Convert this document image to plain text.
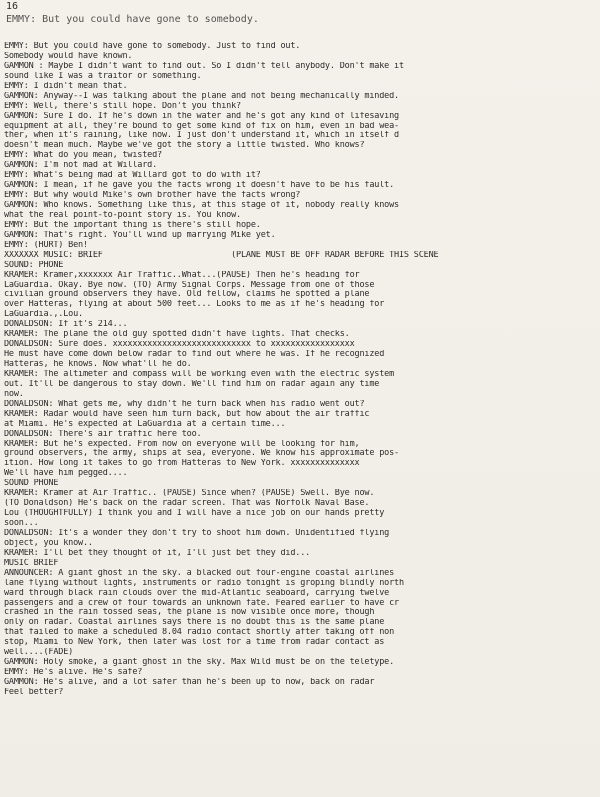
16
EMMY: But you could have gone to somebody.
EMMY: But you could have gone to somebody. Just to find out.
Somebody would have known.
GAMMON : Maybe I didn't want to find out. So I didn't tell anybody. Don't make it
sound like I was a traitor or something.
EMMY: I didn't mean that.
GAMMON: Anyway--I was talking about the plane and not being mechanically minded.
EMMY: Well, there's still hope. Don't you think?
GAMMON: Sure I do. If he's down in the water and he's got any kind of lifesaving
equipment at all, they're bound to get some kind of fix on him, even in bad wea-
ther, when it's raining, like now. I just don't understand it, which in itself d
doesn't mean much. Maybe we've got the story a little twisted. Who knows?
EMMY: What do you mean, twisted?
GAMMON: I'm not mad at Willard.
EMMY: What's being mad at Willard got to do with it?
GAMMON: I mean, if he gave you the facts wrong it doesn't have to be his fault.
EMMY: But why would Mike's own brother have the facts wrong?
GAMMON: Who knows. Something like this, at this stage of it, nobody really knows
what the real point-to-point story is. You know.
EMMY: But the important thing is there's still hope.
GAMMON: That's right. You'll wind up marrying Mike yet.
EMMY: (HURT) Ben!
XXXXXXX MUSIC: BRIEF                          (PLANE MUST BE OFF RADAR BEFORE THIS SCENE
SOUND: PHONE
KRAMER: Kramer,xxxxxxx Air Traffic..What...(PAUSE) Then he's heading for
LaGuardia. Okay. Bye now. (TO) Army Signal Corps. Message from one of those
civilian ground observers they have. Old fellow, claims he spotted a plane
over Hatteras, flying at about 500 feet... Looks to me as if he's heading for
LaGuardia.,.Lou.
DONALDSON: If it's 214...
KRAMER: The plane the old guy spotted didn't have lights. That checks.
DONALDSON: Sure does. xxxxxxxxxxxxxxxxxxxxxxxxxxxx to xxxxxxxxxxxxxxxxx
He must have come down below radar to find out where he was. If he recognized
Hatteras, he knows. Now what'll he do.
KRAMER: The altimeter and compass will be working even with the electric system
out. It'll be dangerous to stay down. We'll find him on radar again any time
now.
DONALDSON: What gets me, why didn't he turn back when his radio went out?
KRAMER: Radar would have seen him turn back, but how about the air traffic
at Miami. He's expected at LaGuardia at a certain time...
DONALDSON: There's air traffic here too.
KRAMER: But he's expected. From now on everyone will be looking for him,
ground observers, the army, ships at sea, everyone. We know his approximate pos-
ition. How long it takes to go from Hatteras to New York. xxxxxxxxxxxxxx
We'll have him pegged....
SOUND PHONE
KRAMER: Kramer at Air Traffic.. (PAUSE) Since when? (PAUSE) Swell. Bye now.
(TO Donaldson) He's back on the radar screen. That was Norfolk Naval Base.
Lou (THOUGHTFULLY) I think you and I will have a nice job on our hands pretty
soon...
DONALDSON: It's a wonder they don't try to shoot him down. Unidentified flying
object, you know..
KRAMER: I'll bet they thought of it, I'll just bet they did...
MUSIC BRIEF
ANNOUNCER: A giant ghost in the sky. a blacked out four-engine coastal airlines
lane flying without lights, instruments or radio tonight is groping blindly north
ward through black rain clouds over the mid-Atlantic seaboard, carrying twelve
passengers and a crew of four towards an unknown fate. Feared earlier to have cr
crashed in the rain tossed seas, the plane is now visible once more, though
only on radar. Coastal airlines says there is no doubt this is the same plane
that failed to make a scheduled 8.04 radio contact shortly after taking off non
stop, Miami to New York, then later was lost for a time from radar contact as
well....(FADE)
GAMMON: Holy smoke, a giant ghost in the sky. Max Wild must be on the teletype.
EMMY: He's alive. He's safe?
GAMMON: He's alive, and a lot safer than he's been up to now, back on radar
Feel better?
